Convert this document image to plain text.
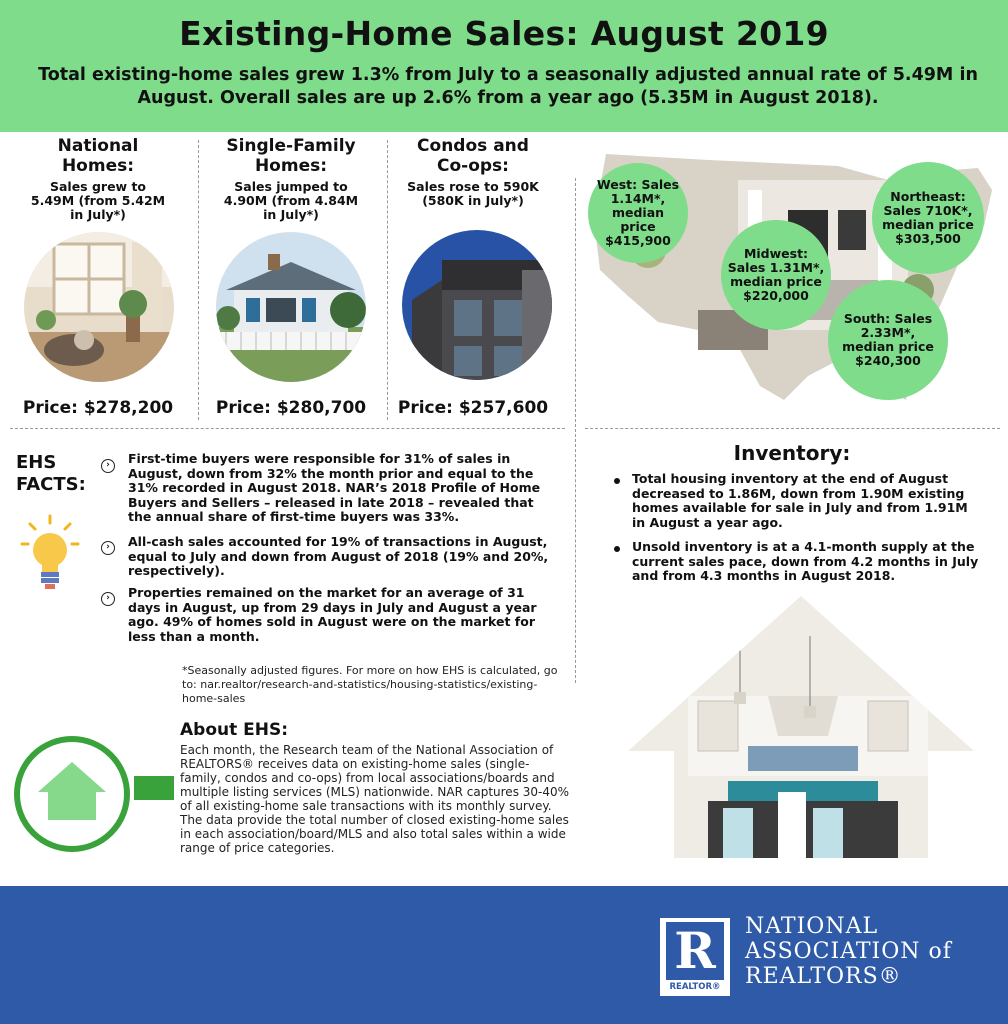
Existing-Home Sales: August 2019
Total existing-home sales grew 1.3% from July to a seasonally adjusted annual rate of 5.49M in August. Overall sales are up 2.6% from a year ago (5.35M in August 2018).
National Homes:
Sales grew to 5.49M (from 5.42M in July*)
Price: $278,200
Single-Family Homes:
Sales jumped to 4.90M (from 4.84M in July*)
Price: $280,700
Condos and Co-ops:
Sales rose to 590K (580K in July*)
Price: $257,600
West: Sales 1.14M*, median price $415,900
Midwest: Sales 1.31M*, median price $220,000
Northeast: Sales 710K*, median price $303,500
South: Sales 2.33M*, median price $240,300
EHS FACTS:
›	First-time buyers were responsible for 31% of sales in August, down from 32% the month prior and equal to the 31% recorded in August 2018. NAR’s 2018 Profile of Home Buyers and Sellers – released in late 2018 – revealed that the annual share of first-time buyers was 33%.
›	All-cash sales accounted for 19% of transactions in August, equal to July and down from August of 2018 (19% and 20%, respectively).
›	Properties remained on the market for an average of 31 days in August, up from 29 days in July and August a year ago. 49% of homes sold in August were on the market for less than a month.
*Seasonally adjusted figures. For more on how EHS is calculated, go to: nar.realtor/research-and-statistics/housing-statistics/existing-home-sales
About EHS:
Each month, the Research team of the National Association of REALTORS® receives data on existing-home sales (single-family, condos and co-ops) from local associations/boards and multiple listing services (MLS) nationwide. NAR captures 30-40% of all existing-home sale transactions with its monthly survey. The data provide the total number of closed existing-home sales in each association/board/MLS and also total sales within a wide range of price categories.
Inventory:
Total housing inventory at the end of August decreased to 1.86M, down from 1.90M existing homes available for sale in July and from 1.91M in August a year ago.
Unsold inventory is at a 4.1-month supply at the current sales pace, down from 4.2 months in July and from 4.3 months in August 2018.
R
REALTOR®
NATIONAL
ASSOCIATION of
REALTORS®
